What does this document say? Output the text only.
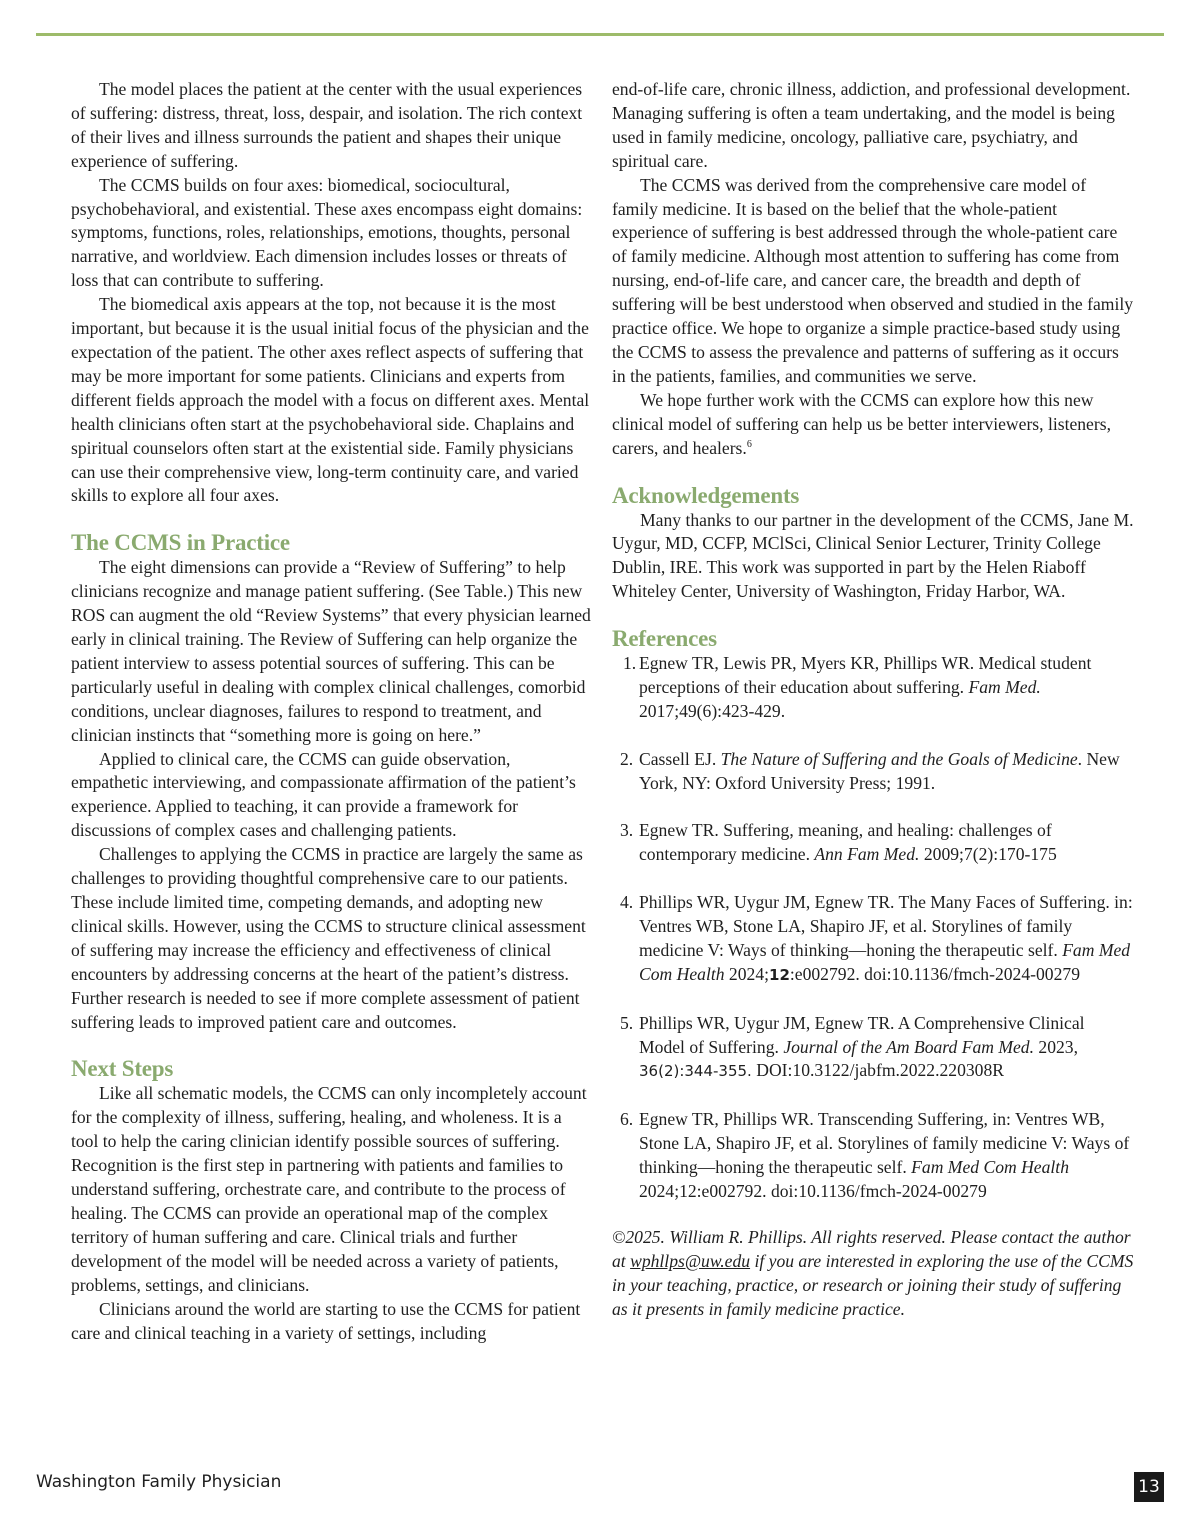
The model places the patient at the center with the usual experiences of suffering: distress, threat, loss, despair, and isolation. The rich context of their lives and illness surrounds the patient and shapes their unique experience of suffering.

The CCMS builds on four axes: biomedical, sociocultural, psychobehavioral, and existential. These axes encompass eight domains: symptoms, functions, roles, relationships, emotions, thoughts, personal narrative, and worldview. Each dimension includes losses or threats of loss that can contribute to suffering.

The biomedical axis appears at the top, not because it is the most important, but because it is the usual initial focus of the physician and the expectation of the patient. The other axes reflect aspects of suffering that may be more important for some patients. Clinicians and experts from different fields approach the model with a focus on different axes. Mental health clinicians often start at the psychobehavioral side. Chaplains and spiritual counselors often start at the existential side. Family physicians can use their comprehensive view, long-term continuity care, and varied skills to explore all four axes.

The CCMS in Practice

The eight dimensions can provide a “Review of Suffering” to help clinicians recognize and manage patient suffering. (See Table.) This new ROS can augment the old “Review Systems” that every physician learned early in clinical training. The Review of Suffering can help organize the patient interview to assess potential sources of suffering. This can be particularly useful in dealing with complex clinical challenges, comorbid conditions, unclear diagnoses, failures to respond to treatment, and clinician instincts that “something more is going on here.”

Applied to clinical care, the CCMS can guide observation, empathetic interviewing, and compassionate affirmation of the patient’s experience. Applied to teaching, it can provide a framework for discussions of complex cases and challenging patients.

Challenges to applying the CCMS in practice are largely the same as challenges to providing thoughtful comprehensive care to our patients. These include limited time, competing demands, and adopting new clinical skills. However, using the CCMS to structure clinical assessment of suffering may increase the efficiency and effectiveness of clinical encounters by addressing concerns at the heart of the patient’s distress. Further research is needed to see if more complete assessment of patient suffering leads to improved patient care and outcomes.

Next Steps

Like all schematic models, the CCMS can only incompletely account for the complexity of illness, suffering, healing, and wholeness. It is a tool to help the caring clinician identify possible sources of suffering. Recognition is the first step in partnering with patients and families to understand suffering, orchestrate care, and contribute to the process of healing. The CCMS can provide an operational map of the complex territory of human suffering and care. Clinical trials and further development of the model will be needed across a variety of patients, problems, settings, and clinicians.

Clinicians around the world are starting to use the CCMS for patient care and clinical teaching in a variety of settings, including

end-of-life care, chronic illness, addiction, and professional development. Managing suffering is often a team undertaking, and the model is being used in family medicine, oncology, palliative care, psychiatry, and spiritual care.

The CCMS was derived from the comprehensive care model of family medicine. It is based on the belief that the whole-patient experience of suffering is best addressed through the whole-patient care of family medicine. Although most attention to suffering has come from nursing, end-of-life care, and cancer care, the breadth and depth of suffering will be best understood when observed and studied in the family practice office. We hope to organize a simple practice-based study using the CCMS to assess the prevalence and patterns of suffering as it occurs in the patients, families, and communities we serve.

We hope further work with the CCMS can explore how this new clinical model of suffering can help us be better interviewers, listeners, carers, and healers.$^6$

Acknowledgements

Many thanks to our partner in the development of the CCMS, Jane M. Uygur, MD, CCFP, MClSci, Clinical Senior Lecturer, Trinity College Dublin, IRE. This work was supported in part by the Helen Riaboff Whiteley Center, University of Washington, Friday Harbor, WA.

References
1. Egnew TR, Lewis PR, Myers KR, Phillips WR. Medical student perceptions of their education about suffering. Fam Med. 2017;49(6):423-429.
2. Cassell EJ. The Nature of Suffering and the Goals of Medicine. New York, NY: Oxford University Press; 1991.
3. Egnew TR. Suffering, meaning, and healing: challenges of contemporary medicine. Ann Fam Med. 2009;7(2):170-175
4. Phillips WR, Uygur JM, Egnew TR. The Many Faces of Suffering. in: Ventres WB, Stone LA, Shapiro JF, et al. Storylines of family medicine V: Ways of thinking—honing the therapeutic self. Fam Med Com Health 2024;12:e002792. doi:10.1136/fmch-2024-00279
5. Phillips WR, Uygur JM, Egnew TR. A Comprehensive Clinical Model of Suffering. Journal of the Am Board Fam Med. 2023, 36(2):344-355. DOI:10.3122/jabfm.2022.220308R
6. Egnew TR, Phillips WR. Transcending Suffering, in: Ventres WB, Stone LA, Shapiro JF, et al. Storylines of family medicine V: Ways of thinking—honing the therapeutic self. Fam Med Com Health 2024;12:e002792. doi:10.1136/fmch-2024-00279

©2025. William R. Phillips. All rights reserved. Please contact the author at wphllps@uw.edu if you are interested in exploring the use of the CCMS in your teaching, practice, or research or joining their study of suffering as it presents in family medicine practice.

Washington Family Physician	13
